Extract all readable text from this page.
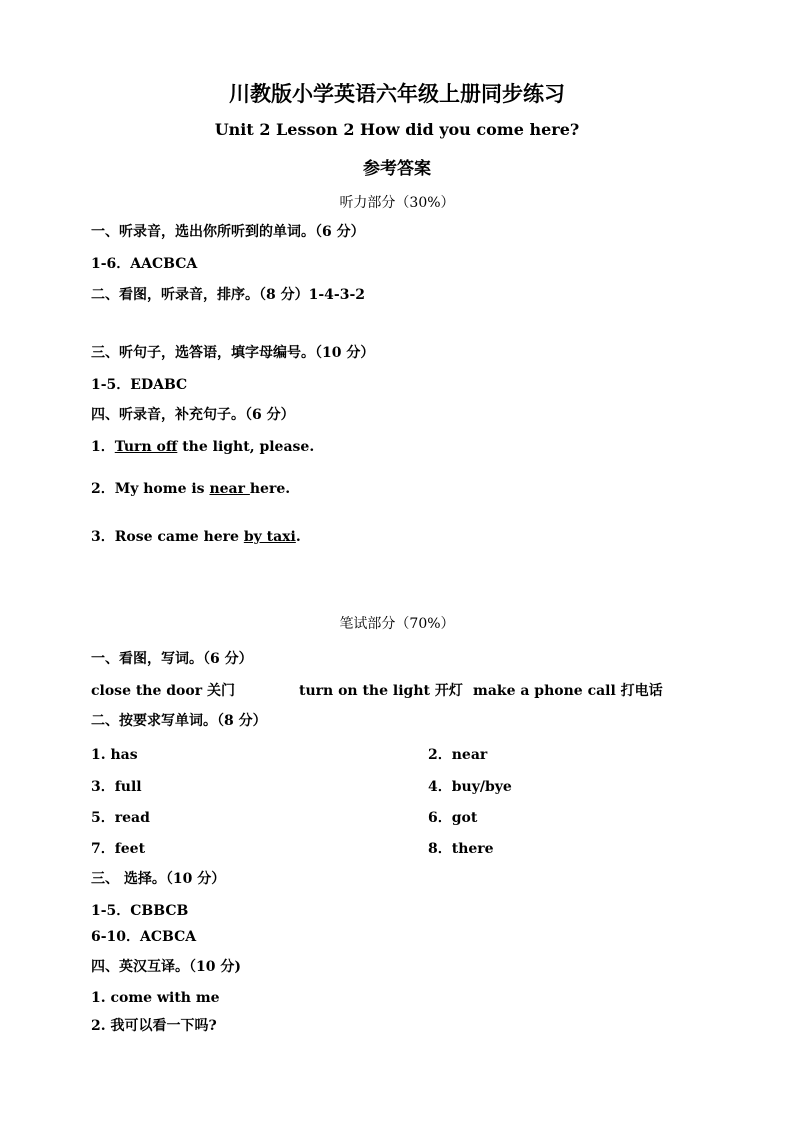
川教版小学英语六年级上册同步练习
Unit 2 Lesson 2 How did you come here?
参考答案
听力部分（30%）
一、听录音，选出你所听到的单词。（6 分）
1-6．AACBCA
二、看图，听录音，排序。（8 分）1-4-3-2
三、听句子，选答语，填字母编号。（10 分）
1-5．EDABC
四、听录音，补充句子。（6 分）
1．Turn off the light, please.
2．My home is near here.
3．Rose came here by taxi.
笔试部分（70%）
一、看图，写词。（6 分）
close the door 关门	turn on the light 开灯 make a phone call 打电话
二、按要求写单词。（8 分）
1. has	2．near
3．full	4．buy/bye
5．read	6．got
7．feet	8．there
三、 选择。（10 分）
1-5．CBBCB
6-10．ACBCA
四、英汉互译。（10 分)
1. come with me
2. 我可以看一下吗?
